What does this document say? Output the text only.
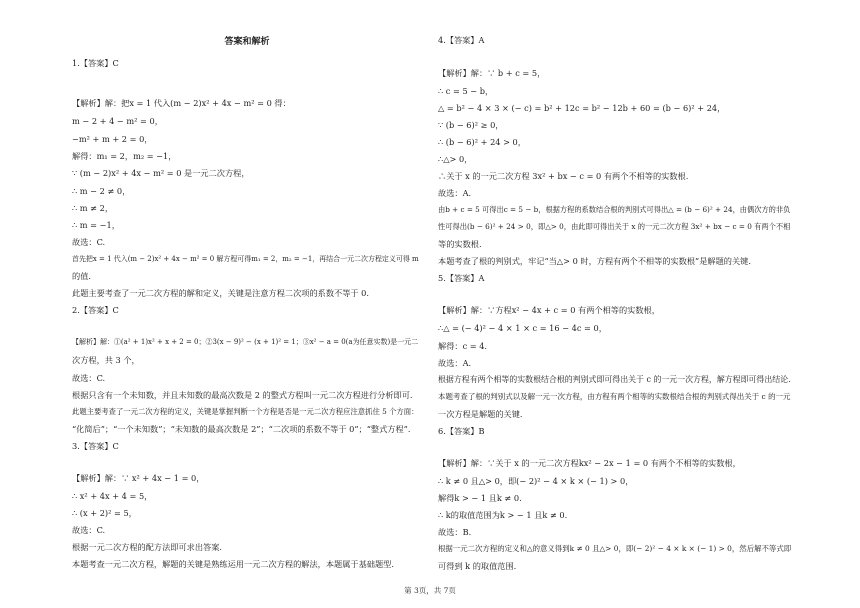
答案和解析
1.【答案】C
【解析】解：把x = 1 代入(m − 2)x² + 4x − m² = 0 得：
m − 2 + 4 − m² = 0，
−m² + m + 2 = 0，
解得：m₁ = 2，m₂ = −1，
∵ (m − 2)x² + 4x − m² = 0 是一元二次方程，
∴ m − 2 ≠ 0，
∴ m ≠ 2，
∴ m = −1，
故选：C.
首先把x = 1 代入(m − 2)x² + 4x − m² = 0 解方程可得m₁ = 2，m₂ = −1，再结合一元二次方程定义可得 m
的值.
此题主要考查了一元二次方程的解和定义，关键是注意方程二次项的系数不等于 0.
2.【答案】C
【解析】解：①(a² + 1)x² + x + 2 = 0；②3(x − 9)² − (x + 1)² = 1；③x² − a = 0(a为任意实数)是一元二
次方程，共 3 个，
故选：C.
根据只含有一个未知数，并且未知数的最高次数是 2 的整式方程叫一元二次方程进行分析即可.
此题主要考查了一元二次方程的定义，关键是掌握判断一个方程是否是一元二次方程应注意抓住 5 个方面：
“化简后”；“一个未知数”；“未知数的最高次数是 2”；“二次项的系数不等于 0”；“整式方程”.
3.【答案】C
【解析】解：∵ x² + 4x − 1 = 0，
∴ x² + 4x + 4 = 5，
∴ (x + 2)² = 5，
故选：C.
根据一元二次方程的配方法即可求出答案.
本题考查一元二次方程，解题的关键是熟练运用一元二次方程的解法，本题属于基础题型.
4.【答案】A
【解析】解：∵ b + c = 5，
∴ c = 5 − b，
△ = b² − 4 × 3 × (− c) = b² + 12c = b² − 12b + 60 = (b − 6)² + 24，
∵ (b − 6)² ≥ 0，
∴ (b − 6)² + 24 > 0，
∴△> 0，
∴关于 x 的一元二次方程 3x² + bx − c = 0 有两个不相等的实数根.
故选：A.
由b + c = 5 可得出c = 5 − b，根据方程的系数结合根的判别式可得出△ = (b − 6)² + 24，由偶次方的非负
性可得出(b − 6)² + 24 > 0，即△> 0，由此即可得出关于 x 的一元二次方程 3x² + bx − c = 0 有两个不相
等的实数根.
本题考查了根的判别式，牢记“当△> 0 时，方程有两个不相等的实数根”是解题的关键.
5.【答案】A
【解析】解：∵方程x² − 4x + c = 0 有两个相等的实数根，
∴△ = (− 4)² − 4 × 1 × c = 16 − 4c = 0，
解得：c = 4.
故选：A.
根据方程有两个相等的实数根结合根的判别式即可得出关于 c 的一元一次方程，解方程即可得出结论.
本题考查了根的判别式以及解一元一次方程，由方程有两个相等的实数根结合根的判别式得出关于 c 的一元
一次方程是解题的关键.
6.【答案】B
【解析】解：∵关于 x 的一元二次方程kx² − 2x − 1 = 0 有两个不相等的实数根，
∴ k ≠ 0 且△> 0，即(− 2)² − 4 × k × (− 1) > 0，
解得k > − 1 且k ≠ 0.
∴ k的取值范围为k > − 1 且k ≠ 0.
故选：B.
根据一元二次方程的定义和△的意义得到k ≠ 0 且△> 0，即(− 2)² − 4 × k × (− 1) > 0，然后解不等式即
可得到 k 的取值范围.
第 3页，共 7页
